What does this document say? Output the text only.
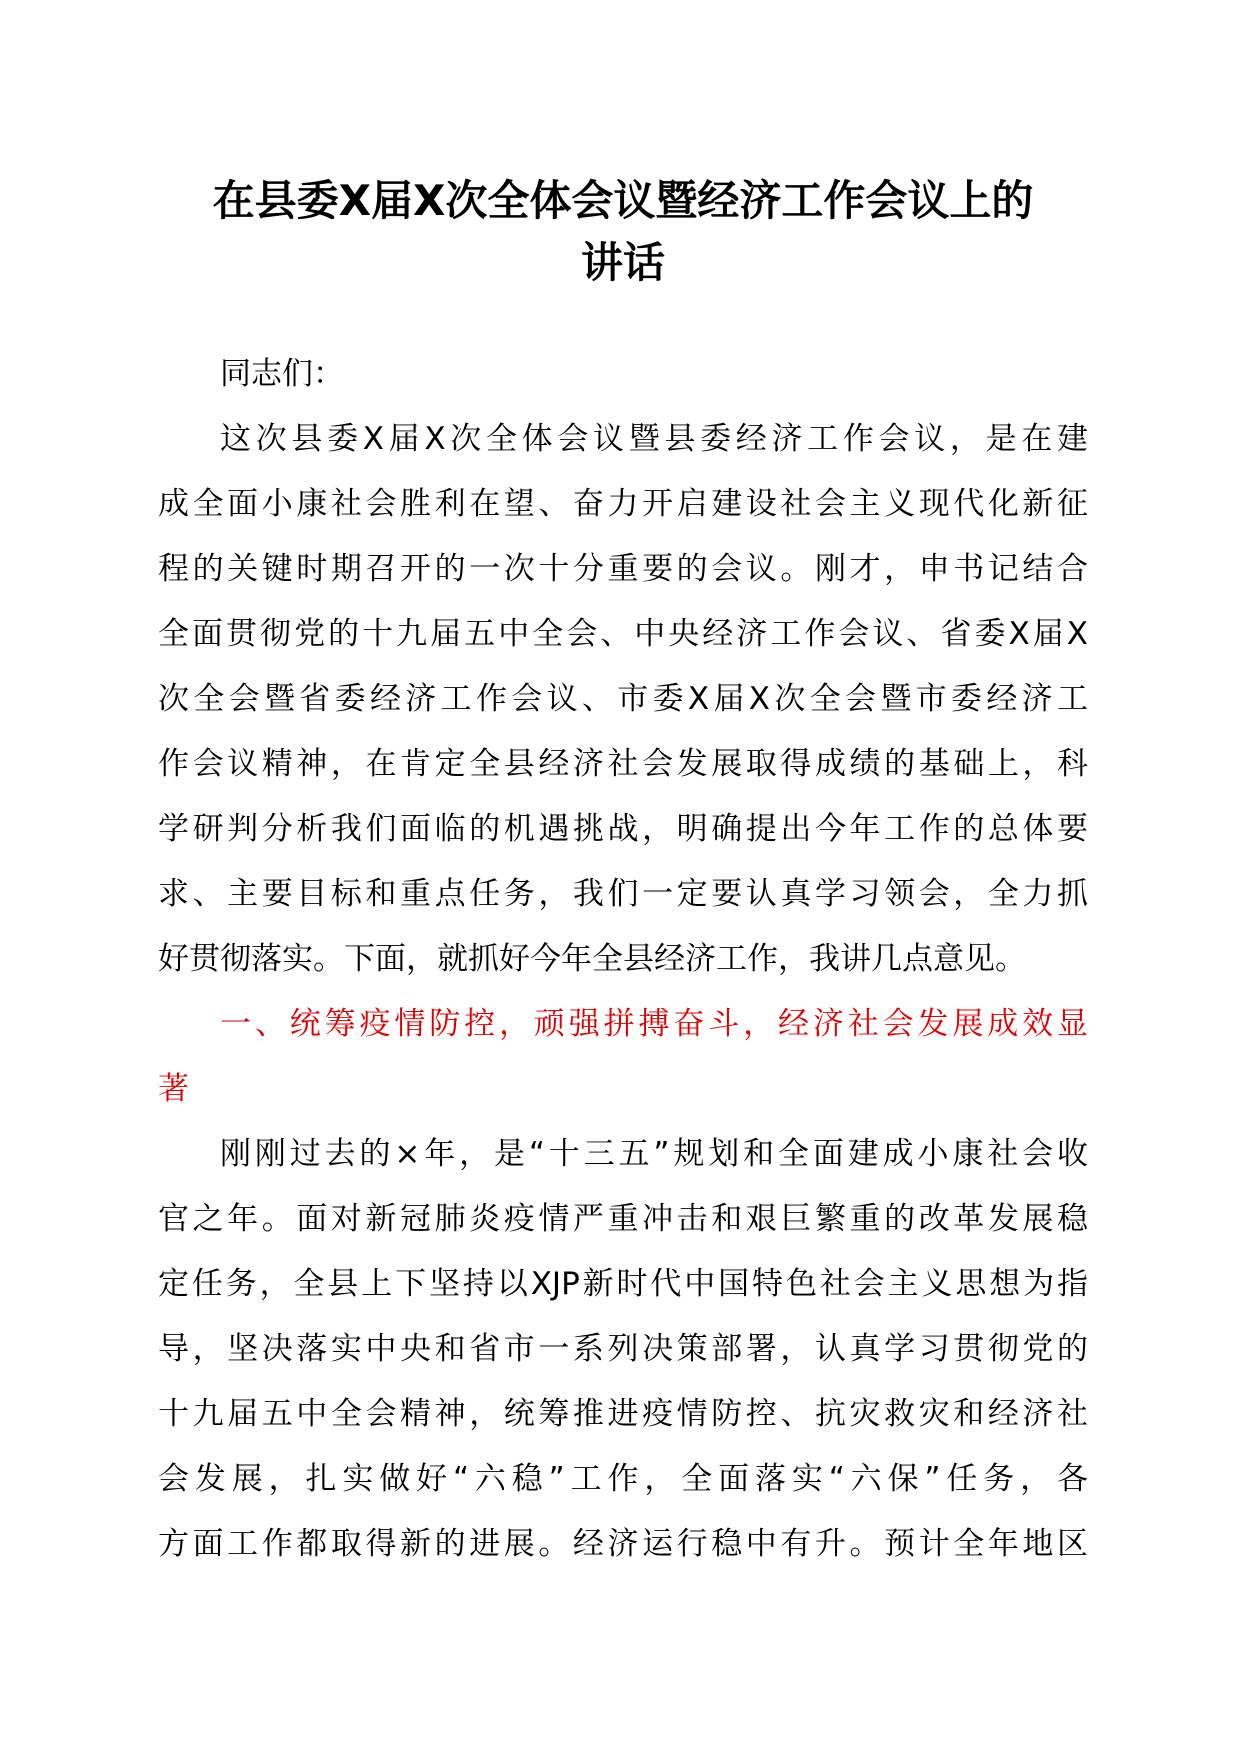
在县委Ⅹ届Ⅹ次全体会议暨经济工作会议上的
讲话

同志们：

这次县委Ⅹ届Ⅹ次全体会议暨县委经济工作会议，是在建
成全面小康社会胜利在望、奋力开启建设社会主义现代化新征
程的关键时期召开的一次十分重要的会议。刚才，申书记结合
全面贯彻党的十九届五中全会、中央经济工作会议、省委Ⅹ届Ⅹ
次全会暨省委经济工作会议、市委Ⅹ届Ⅹ次全会暨市委经济工
作会议精神，在肯定全县经济社会发展取得成绩的基础上，科
学研判分析我们面临的机遇挑战，明确提出今年工作的总体要
求、主要目标和重点任务，我们一定要认真学习领会，全力抓
好贯彻落实。下面，就抓好今年全县经济工作，我讲几点意见。

一、统筹疫情防控，顽强拼搏奋斗，经济社会发展成效显
著

刚刚过去的×年，是“十三五”规划和全面建成小康社会收
官之年。面对新冠肺炎疫情严重冲击和艰巨繁重的改革发展稳
定任务，全县上下坚持以XJP新时代中国特色社会主义思想为指
导，坚决落实中央和省市一系列决策部署，认真学习贯彻党的
十九届五中全会精神，统筹推进疫情防控、抗灾救灾和经济社
会发展，扎实做好“六稳”工作，全面落实“六保”任务，各
方面工作都取得新的进展。经济运行稳中有升。预计全年地区
